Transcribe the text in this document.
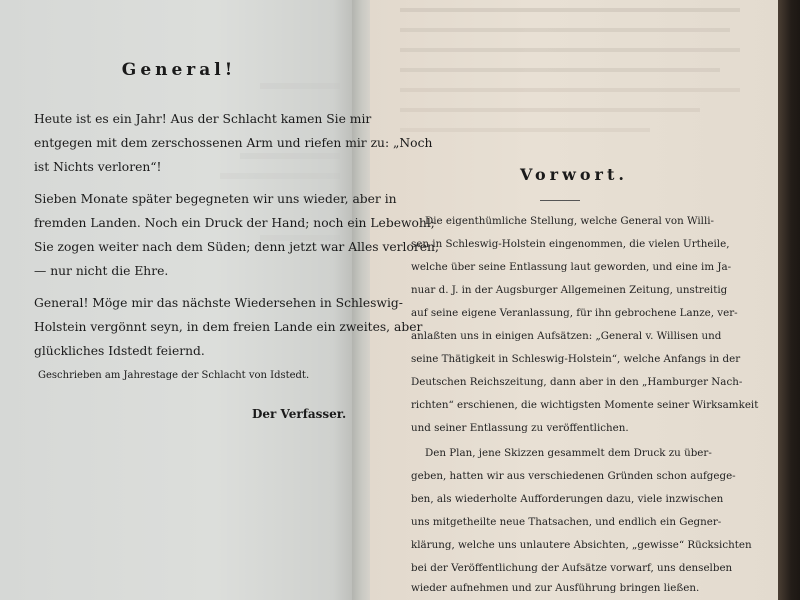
General!
Heute ist es ein Jahr! Aus der Schlacht kamen Sie mir
entgegen mit dem zerschossenen Arm und riefen mir zu: „Noch
ist Nichts verloren“!
Sieben Monate später begegneten wir uns wieder, aber in
fremden Landen. Noch ein Druck der Hand; noch ein Lebewohl;
Sie zogen weiter nach dem Süden; denn jetzt war Alles verloren,
— nur nicht die Ehre.
General! Möge mir das nächste Wiedersehen in Schleswig-
Holstein vergönnt seyn, in dem freien Lande ein zweites, aber
glückliches Idstedt feiernd.
Geschrieben am Jahrestage der Schlacht von Idstedt.
Der Verfasser.
Vorwort.
Die eigenthümliche Stellung, welche General von Willi-
sen in Schleswig-Holstein eingenommen, die vielen Urtheile,
welche über seine Entlassung laut geworden, und eine im Ja-
nuar d. J. in der Augsburger Allgemeinen Zeitung, unstreitig
auf seine eigene Veranlassung, für ihn gebrochene Lanze, ver-
anlaßten uns in einigen Aufsätzen: „General v. Willisen und
seine Thätigkeit in Schleswig-Holstein“, welche Anfangs in der
Deutschen Reichszeitung, dann aber in den „Hamburger Nach-
richten“ erschienen, die wichtigsten Momente seiner Wirksamkeit
und seiner Entlassung zu veröffentlichen.
Den Plan, jene Skizzen gesammelt dem Druck zu über-
geben, hatten wir aus verschiedenen Gründen schon aufgege-
ben, als wiederholte Aufforderungen dazu, viele inzwischen
uns mitgetheilte neue Thatsachen, und endlich ein Gegner-
klärung, welche uns unlautere Absichten, „gewisse“ Rücksichten
bei der Veröffentlichung der Aufsätze vorwarf, uns denselben
wieder aufnehmen und zur Ausführung bringen ließen.
